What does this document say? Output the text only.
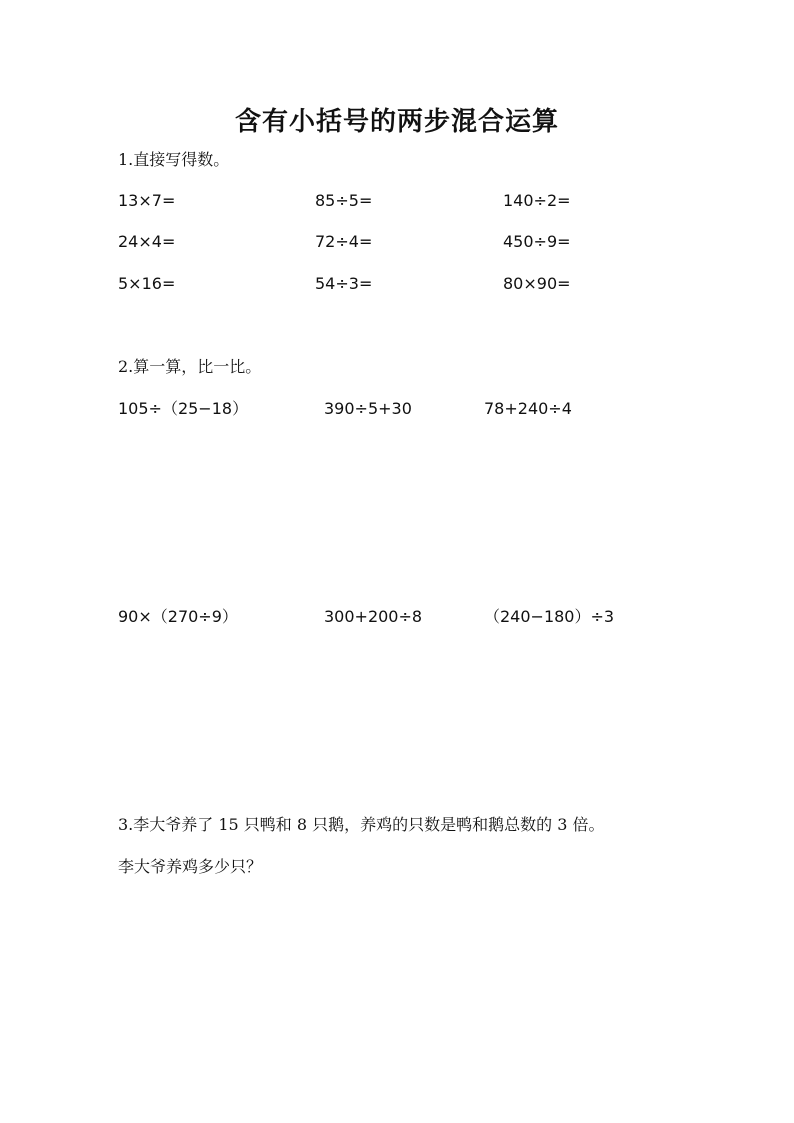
含有小括号的两步混合运算
1.直接写得数。
13×7=	85÷5=	140÷2=
24×4=	72÷4=	450÷9=
5×16=	54÷3=	80×90=
2.算一算，比一比。
105÷（25−18）	390÷5+30	78+240÷4
90×（270÷9）	300+200÷8	（240−180）÷3
3.李大爷养了 15 只鸭和 8 只鹅，养鸡的只数是鸭和鹅总数的 3 倍。
李大爷养鸡多少只？
